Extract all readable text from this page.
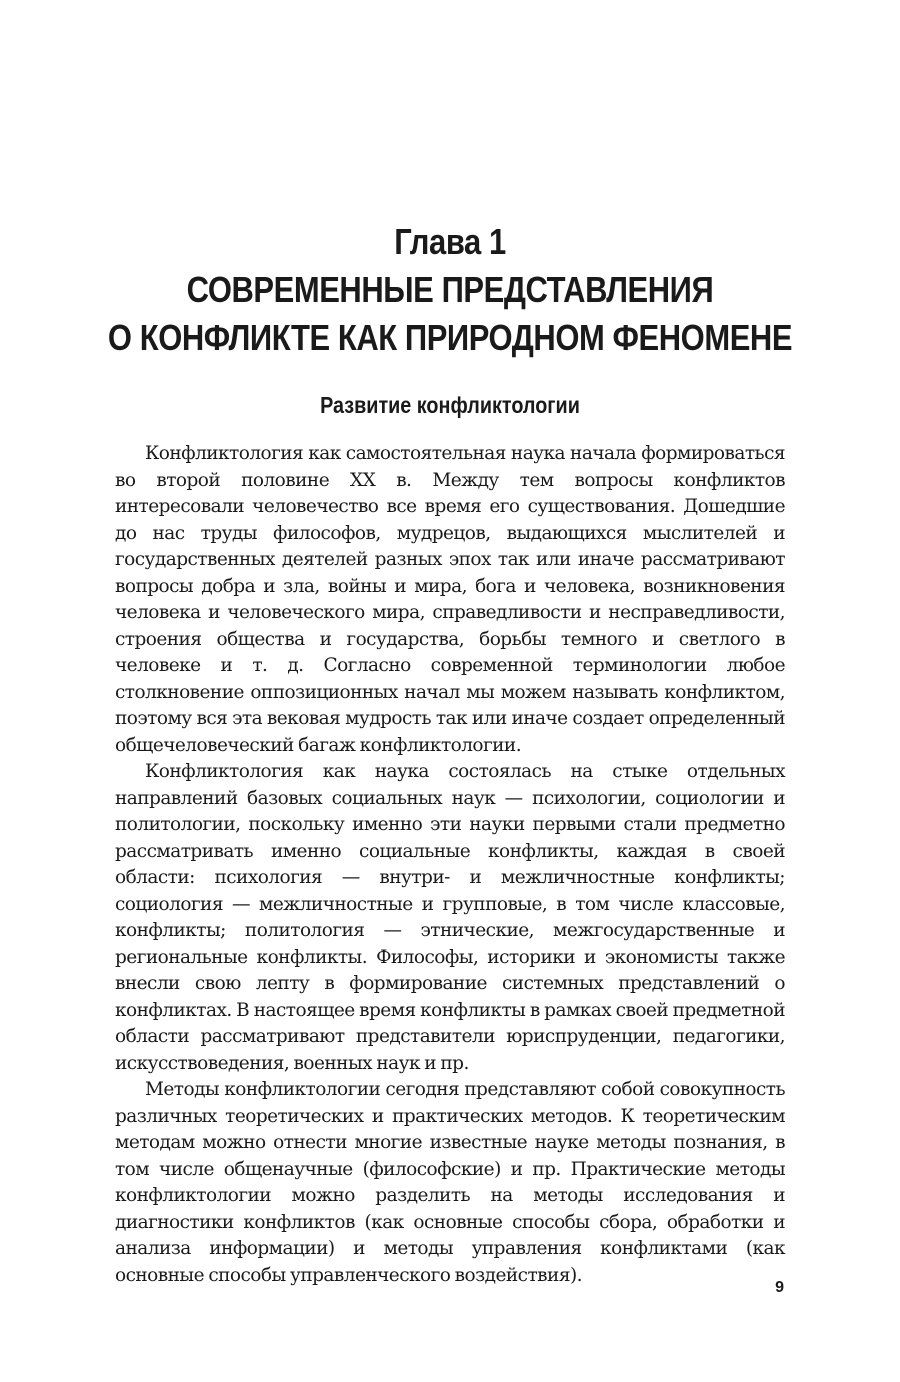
Глава 1
СОВРЕМЕННЫЕ ПРЕДСТАВЛЕНИЯ
О КОНФЛИКТЕ КАК ПРИРОДНОМ ФЕНОМЕНЕ
Развитие конфликтологии

Конфликтология как самостоятельная наука начала формироваться во второй половине XX в. Между тем вопросы конфликтов интересовали человечество все время его существования. Дошедшие до нас труды философов, мудрецов, выдающихся мыслителей и государственных деятелей разных эпох так или иначе рассматривают вопросы добра и зла, войны и мира, бога и человека, возникновения человека и человеческого мира, справедливости и несправедливости, строения общества и государства, борьбы темного и светлого в человеке и т. д. Согласно современной терминологии любое столкновение оппозиционных начал мы можем называть конфликтом, поэтому вся эта вековая мудрость так или иначе создает определенный общечеловеческий багаж конфликтологии.

Конфликтология как наука состоялась на стыке отдельных направлений базовых социальных наук — психологии, социологии и политологии, поскольку именно эти науки первыми стали предметно рассматривать именно социальные конфликты, каждая в своей области: психология — внутри- и межличностные конфликты; социология — межличностные и групповые, в том числе классовые, конфликты; политология — этнические, межгосударственные и региональные конфликты. Философы, историки и экономисты также внесли свою лепту в формирование системных представлений о конфликтах. В настоящее время конфликты в рамках своей предметной области рассматривают представители юриспруденции, педагогики, искусствоведения, военных наук и пр.

Методы конфликтологии сегодня представляют собой совокупность различных теоретических и практических методов. К теоретическим методам можно отнести многие известные науке методы познания, в том числе общенаучные (философские) и пр. Практические методы конфликтологии можно разделить на методы исследования и диагностики конфликтов (как основные способы сбора, обработки и анализа информации) и методы управления конфликтами (как основные способы управленческого воздействия).

9
